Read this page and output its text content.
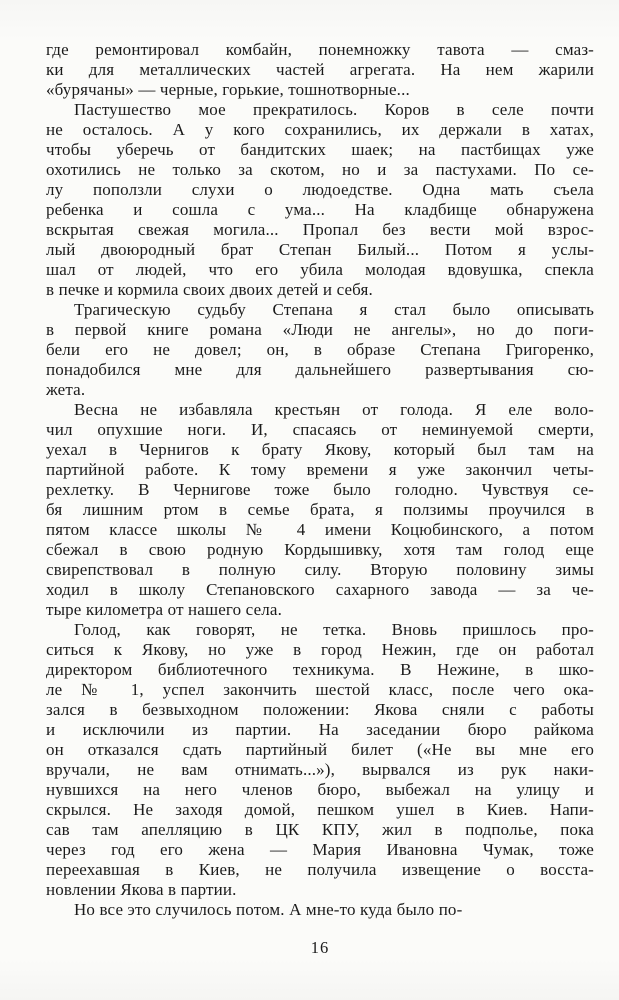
где ремонтировал комбайн, понемножку тавота — смаз-
ки для металлических частей агрегата. На нем жарили
«бурячаны» — черные, горькие, тошнотворные...

Пастушество мое прекратилось. Коров в селе почти
не осталось. А у кого сохранились, их держали в хатах,
чтобы уберечь от бандитских шаек; на пастбищах уже
охотились не только за скотом, но и за пастухами. По се-
лу поползли слухи о людоедстве. Одна мать съела
ребенка и сошла с ума... На кладбище обнаружена
вскрытая свежая могила... Пропал без вести мой взрос-
лый двоюродный брат Степан Билый... Потом я услы-
шал от людей, что его убила молодая вдовушка, спекла
в печке и кормила своих двоих детей и себя.

Трагическую судьбу Степана я стал было описывать
в первой книге романа «Люди не ангелы», но до поги-
бели его не довел; он, в образе Степана Григоренко,
понадобился мне для дальнейшего развертывания сю-
жета.

Весна не избавляла крестьян от голода. Я еле воло-
чил опухшие ноги. И, спасаясь от неминуемой смерти,
уехал в Чернигов к брату Якову, который был там на
партийной работе. К тому времени я уже закончил четы-
рехлетку. В Чернигове тоже было голодно. Чувствуя се-
бя лишним ртом в семье брата, я ползимы проучился в
пятом классе школы № 4 имени Коцюбинского, а потом
сбежал в свою родную Кордышивку, хотя там голод еще
свирепствовал в полную силу. Вторую половину зимы
ходил в школу Степановского сахарного завода — за че-
тыре километра от нашего села.

Голод, как говорят, не тетка. Вновь пришлось про-
ситься к Якову, но уже в город Нежин, где он работал
директором библиотечного техникума. В Нежине, в шко-
ле № 1, успел закончить шестой класс, после чего ока-
зался в безвыходном положении: Якова сняли с работы
и исключили из партии. На заседании бюро райкома
он отказался сдать партийный билет («Не вы мне его
вручали, не вам отнимать...»), вырвался из рук наки-
нувшихся на него членов бюро, выбежал на улицу и
скрылся. Не заходя домой, пешком ушел в Киев. Напи-
сав там апелляцию в ЦК КПУ, жил в подполье, пока
через год его жена — Мария Ивановна Чумак, тоже
переехавшая в Киев, не получила извещение о восста-
новлении Якова в партии.

Но все это случилось потом. А мне-то куда было по-

16
